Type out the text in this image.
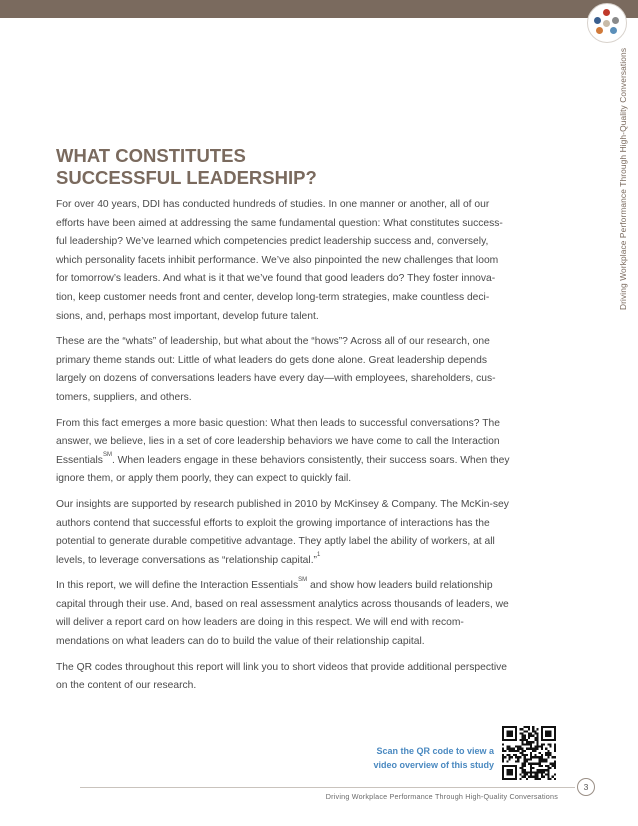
Driving Workplace Performance Through High-Quality Conversations
WHAT CONSTITUTES
SUCCESSFUL LEADERSHIP?

For over 40 years, DDI has conducted hundreds of studies. In one manner or another, all of our efforts have been aimed at addressing the same fundamental question: What constitutes success-ful leadership? We’ve learned which competencies predict leadership success and, conversely, which personality facets inhibit performance. We’ve also pinpointed the new challenges that loom for tomorrow’s leaders. And what is it that we’ve found that good leaders do? They foster innova-tion, keep customer needs front and center, develop long-term strategies, make countless deci-sions, and, perhaps most important, develop future talent.

These are the “whats” of leadership, but what about the “hows”? Across all of our research, one primary theme stands out: Little of what leaders do gets done alone. Great leadership depends largely on dozens of conversations leaders have every day—with employees, shareholders, cus-tomers, suppliers, and others.

From this fact emerges a more basic question: What then leads to successful conversations? The answer, we believe, lies in a set of core leadership behaviors we have come to call the Interaction Essentials℠. When leaders engage in these behaviors consistently, their success soars. When they ignore them, or apply them poorly, they can expect to quickly fail.

Our insights are supported by research published in 2010 by McKinsey & Company. The McKin-sey authors contend that successful efforts to exploit the growing importance of interactions has the potential to generate durable competitive advantage. They aptly label the ability of workers, at all levels, to leverage conversations as “relationship capital.”$^1$

In this report, we will define the Interaction Essentials℠ and show how leaders build relationship capital through their use. And, based on real assessment analytics across thousands of leaders, we will deliver a report card on how leaders are doing in this respect. We will end with recom-mendations on what leaders can do to build the value of their relationship capital.

The QR codes throughout this report will link you to short videos that provide additional perspective on the content of our research.

Scan the QR code to view a
video overview of this study
3
Driving Workplace Performance Through High-Quality Conversations
